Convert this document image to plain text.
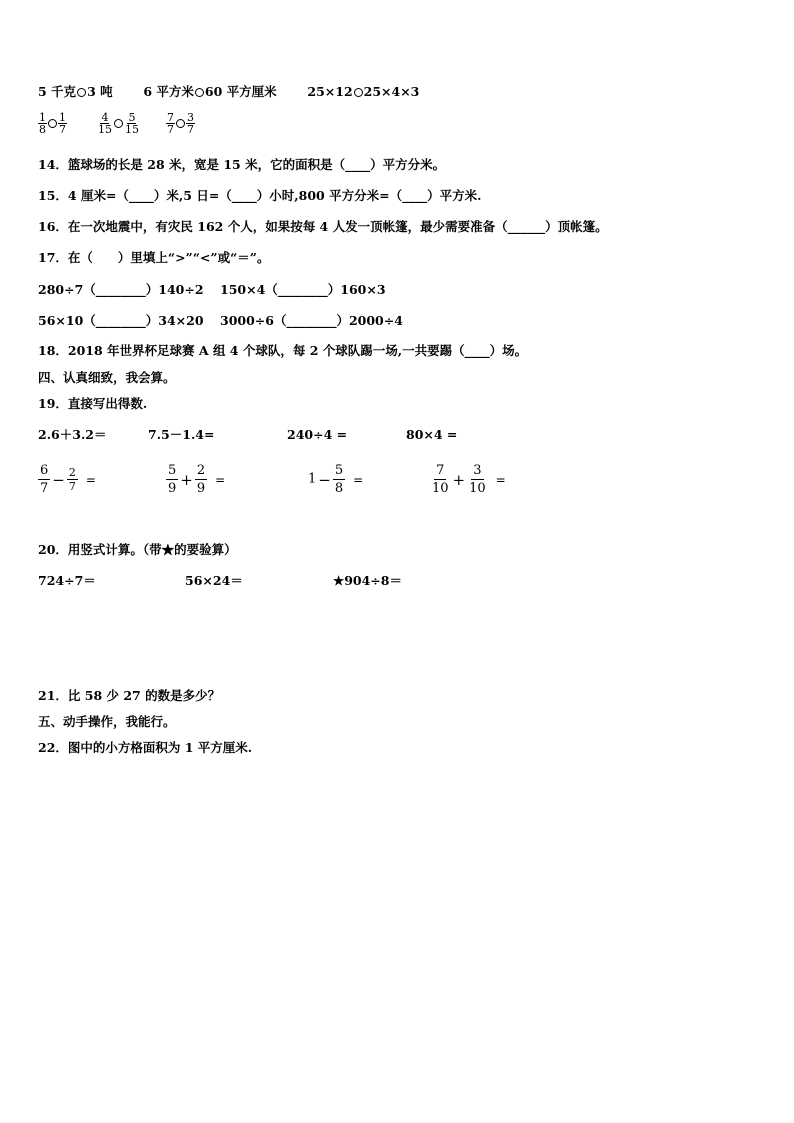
5 千克 3 吨 6 平方米 60 平方厘米 25×12 25×4×3
$\frac{1}{8} \frac{1}{7}$
	$\frac{4}{15} \frac{5}{15}$
$\frac{7}{7} \frac{3}{7}$
14．篮球场的长是 28 米，宽是 15 米，它的面积是（____）平方分米。
15．4 厘米=（____）米,5 日=（____）小时,800 平方分米=（____）平方米.
16．在一次地震中，有灾民 162 个人，如果按每 4 人发一顶帐篷，最少需要准备（______）顶帐篷。
17．在（　　）里填上“>”“<”或“＝”。
280÷7（________）140÷2 150×4（________）160×3
56×10（________）34×20 3000÷6（________）2000÷4
18．2018 年世界杯足球赛 A 组 4 个球队，每 2 个球队踢一场,一共要踢（____）场。
四、认真细致，我会算。
19．直接写出得数.
2.6＋3.2＝	7.5－1.4=	240÷4 =	80×4 =
$\frac{6}{7} - \frac{2}{7}$ =	$\frac{5}{9} + \frac{2}{9}$ =	$1 - \frac{5}{8}$ =	$\frac{7}{10} + \frac{3}{10}$ =
20．用竖式计算。（带★的要验算）
724÷7＝	56×24＝	★904÷8＝
21．比 58 少 27 的数是多少？
五、动手操作，我能行。
22．图中的小方格面积为 1 平方厘米.
